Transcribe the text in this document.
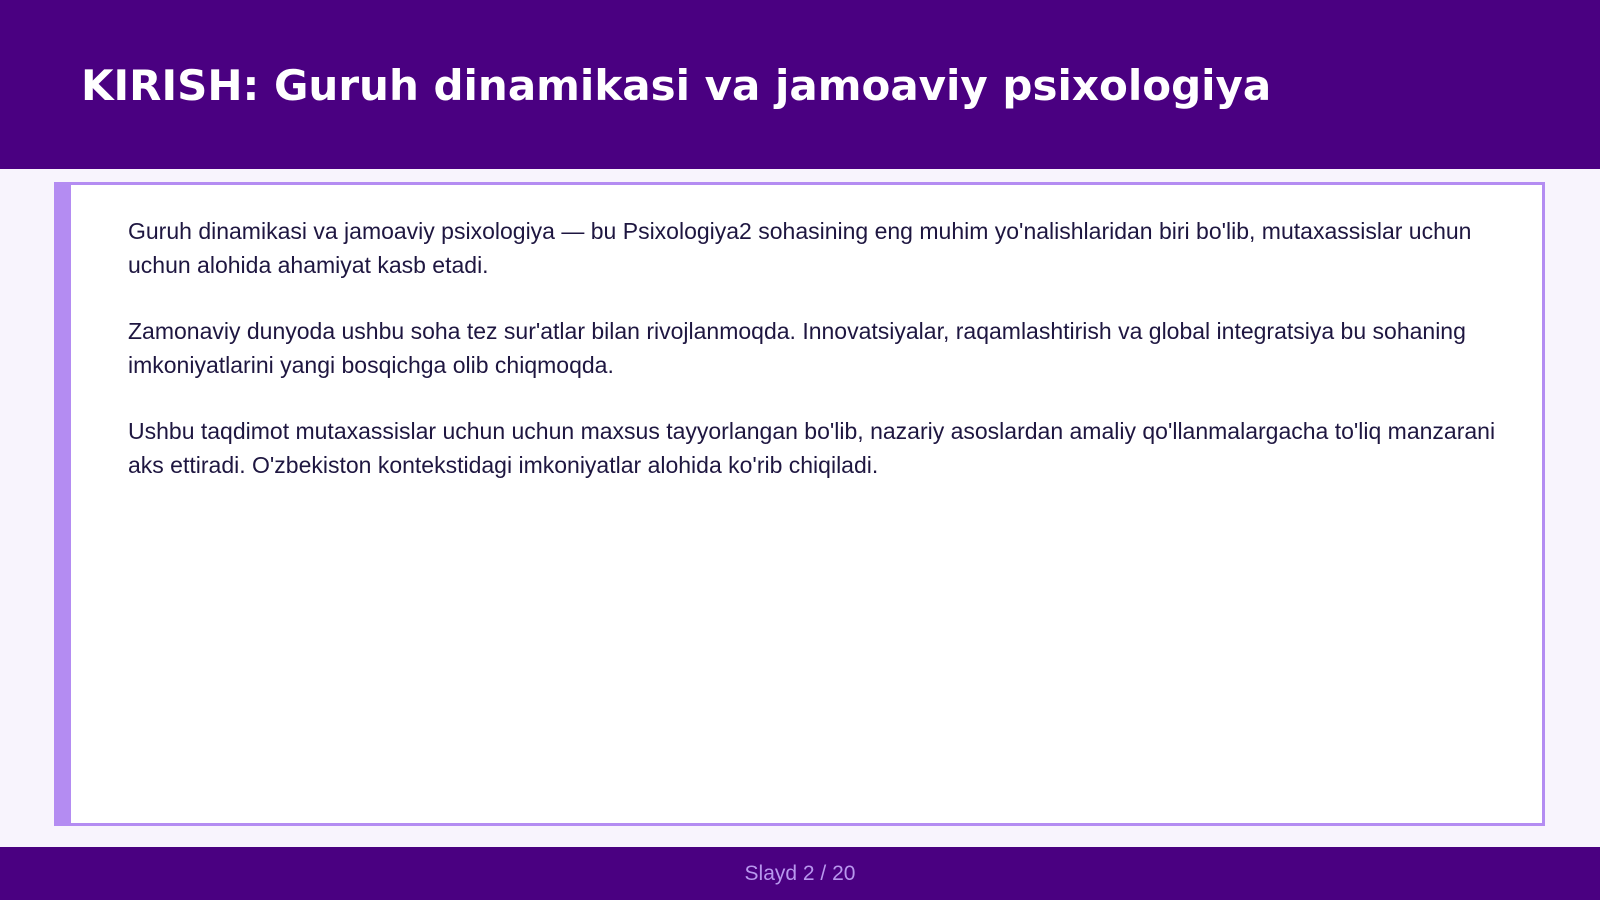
KIRISH: Guruh dinamikasi va jamoaviy psixologiya

Guruh dinamikasi va jamoaviy psixologiya — bu Psixologiya2 sohasining eng muhim yo'nalishlaridan biri bo'lib, mutaxassislar uchun uchun alohida ahamiyat kasb etadi.

Zamonaviy dunyoda ushbu soha tez sur'atlar bilan rivojlanmoqda. Innovatsiyalar, raqamlashtirish va global integratsiya bu sohaning imkoniyatlarini yangi bosqichga olib chiqmoqda.

Ushbu taqdimot mutaxassislar uchun uchun maxsus tayyorlangan bo'lib, nazariy asoslardan amaliy qo'llanmalargacha to'liq manzarani aks ettiradi. O'zbekiston kontekstidagi imkoniyatlar alohida ko'rib chiqiladi.

Slayd 2 / 20
